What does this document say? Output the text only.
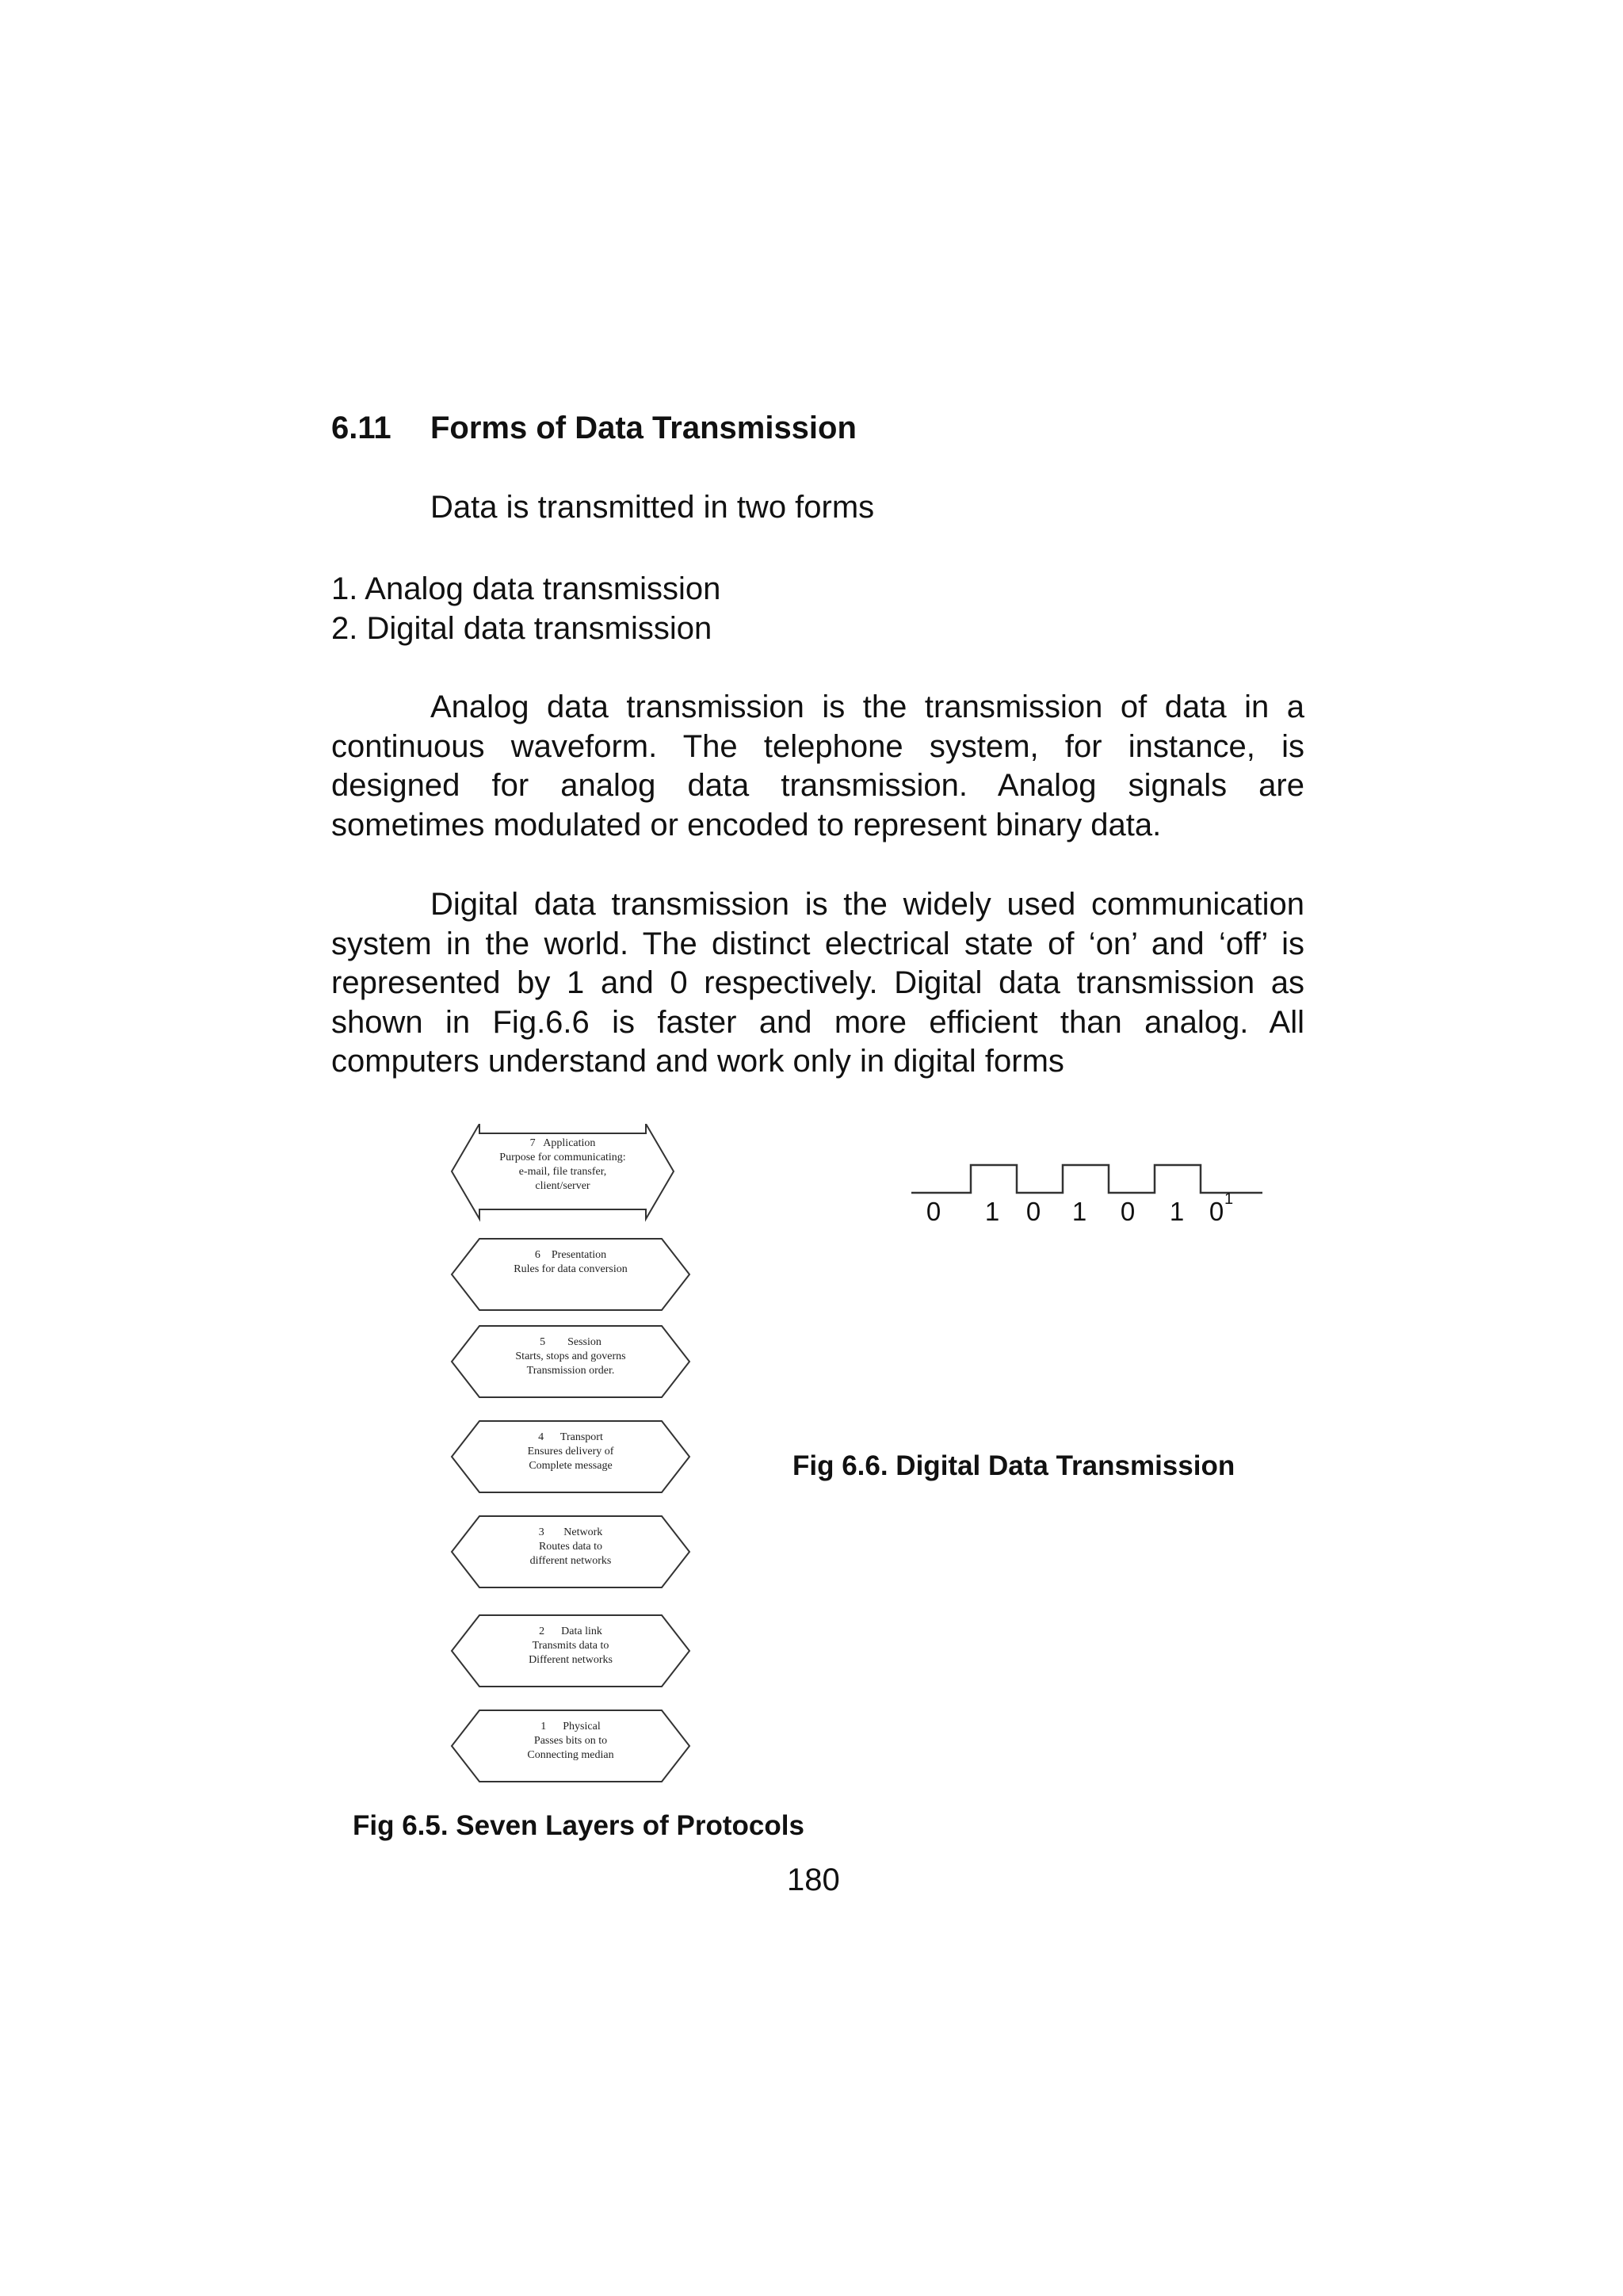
6.11 Forms of Data Transmission
Data is transmitted in two forms
1. Analog data transmission
2. Digital data transmission

Analog data transmission is the transmission of data in a continuous waveform. The telephone system, for instance, is designed for analog data transmission. Analog signals are sometimes modulated or encoded to represent binary data.

Digital data transmission is the widely used communication system in the world. The distinct electrical state of ‘on’ and ‘off’ is represented by 1 and 0 respectively. Digital data transmission as shown in Fig.6.6 is faster and more efficient than analog. All computers understand and work only in digital forms

7   Application
Purpose for communicating:
e-mail, file transfer,
client/server
6    Presentation
Rules for data conversion
5        Session
Starts, stops and governs
Transmission order.
4      Transport
Ensures delivery of
Complete message
3       Network
Routes data to
different networks
2      Data link
Transmits data to
Different networks
1      Physical
Passes bits on to
Connecting median
Fig 6.5. Seven Layers of Protocols
0 1 0 1 0 1 0 1
Fig 6.6. Digital Data Transmission
180
